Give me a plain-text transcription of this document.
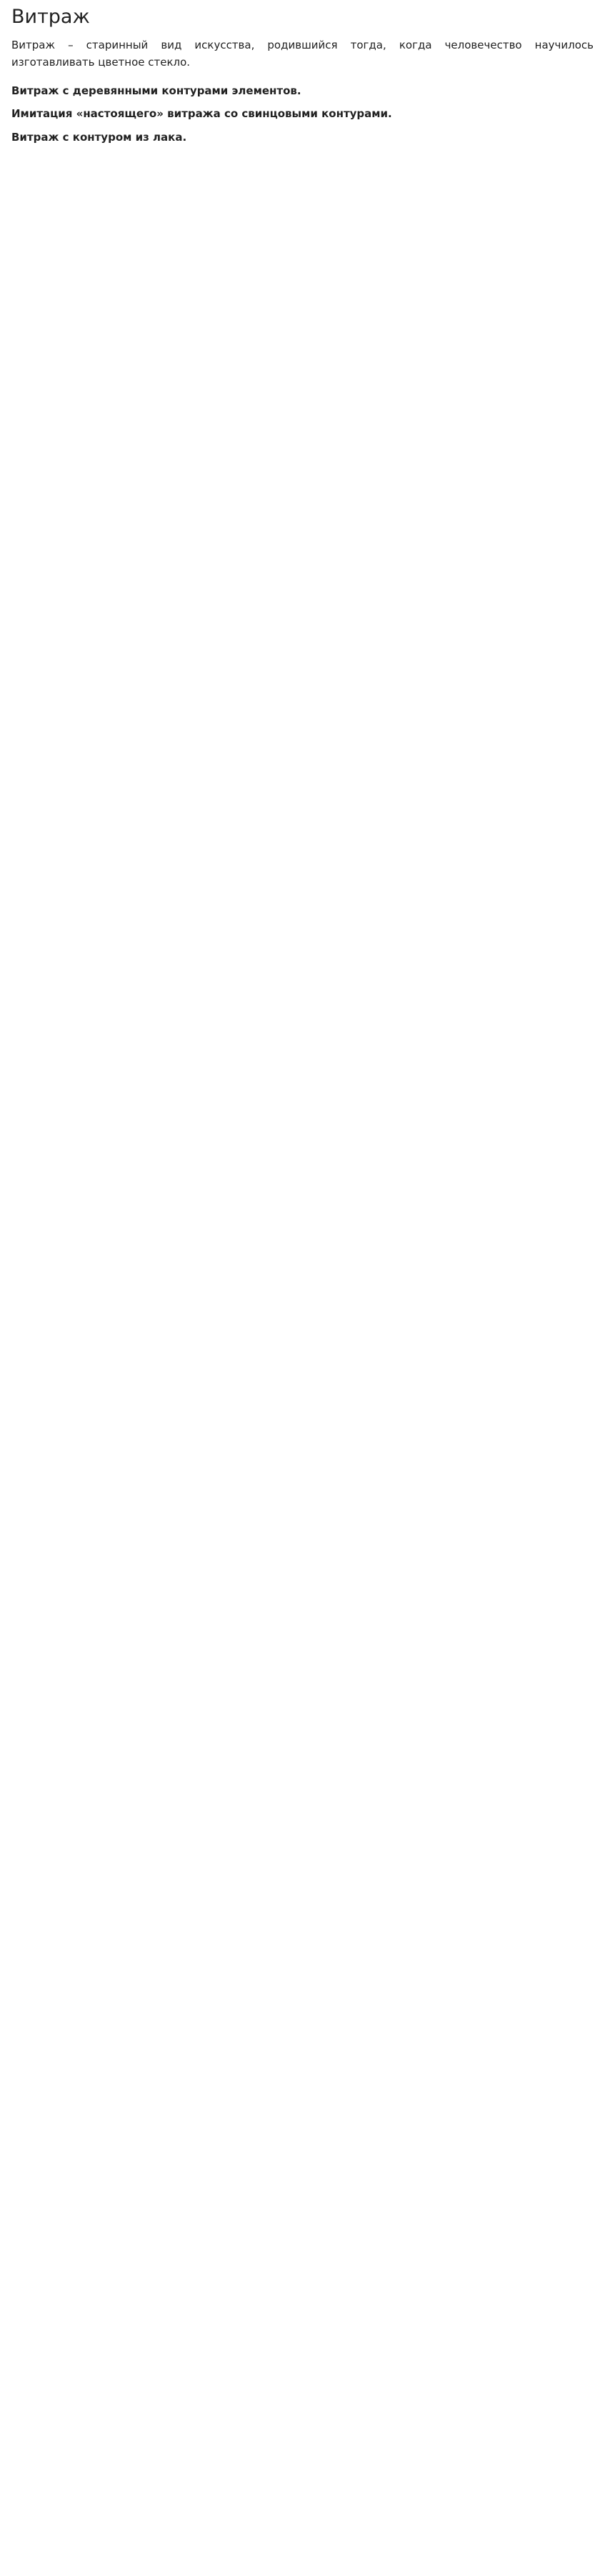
Витраж

Витраж – старинный вид искусства, родившийся тогда, когда человечество научилось изготавливать цветное стекло.

Витраж с деревянными контурами элементов.
Имитация «настоящего» витража со свинцовыми контурами.
Витраж с контуром из лака.
